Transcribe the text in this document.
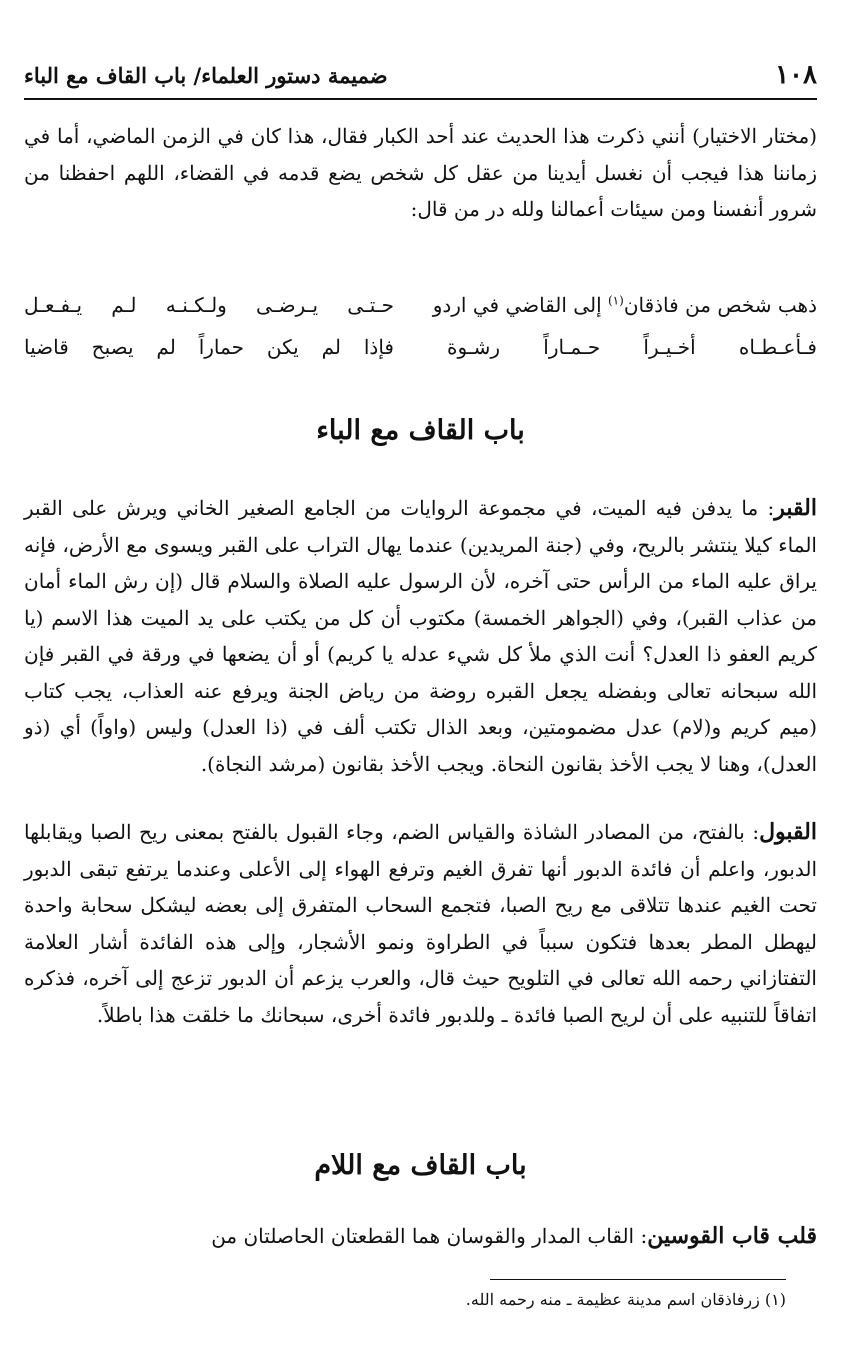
١٠٨
ضميمة دستور العلماء/ باب القاف مع الباء

(مختار الاختيار) أنني ذكرت هذا الحديث عند أحد الكبار فقال، هذا كان في الزمن الماضي، أما في زماننا هذا فيجب أن نغسل أيدينا من عقل كل شخص يضع قدمه في القضاء، اللهم احفظنا من شرور أنفسنا ومن سيئات أعمالنا ولله در من قال:

ذهب شخص من فاذقان$^{(١)}$ إلى القاضي في اردو
حـتـى يـرضـى ولـكـنـه لـم يـفـعـل
فـأعـطـاه أخـيـراً حـمـاراً رشـوة
فإذا لم يكن حماراً لم يصبح قاضيا
باب القاف مع الباء

القبر: ما يدفن فيه الميت، في مجموعة الروايات من الجامع الصغير الخاني ويرش على القبر الماء كيلا ينتشر بالريح، وفي (جنة المريدين) عندما يهال التراب على القبر ويسوى مع الأرض، فإنه يراق عليه الماء من الرأس حتى آخره، لأن الرسول عليه الصلاة والسلام قال (إن رش الماء أمان من عذاب القبر)، وفي (الجواهر الخمسة) مكتوب أن كل من يكتب على يد الميت هذا الاسم (يا كريم العفو ذا العدل؟ أنت الذي ملأ كل شيء عدله يا كريم) أو أن يضعها في ورقة في القبر فإن الله سبحانه تعالى وبفضله يجعل القبره روضة من رياض الجنة ويرفع عنه العذاب، يجب كتاب (ميم كريم و(لام) عدل مضمومتين، وبعد الذال تكتب ألف في (ذا العدل) وليس (واواً) أي (ذو العدل)، وهنا لا يجب الأخذ بقانون النحاة. ويجب الأخذ بقانون (مرشد النجاة).

القبول: بالفتح، من المصادر الشاذة والقياس الضم، وجاء القبول بالفتح بمعنى ريح الصبا ويقابلها الدبور، واعلم أن فائدة الدبور أنها تفرق الغيم وترفع الهواء إلى الأعلى وعندما يرتفع تبقى الدبور تحت الغيم عندها تتلاقى مع ريح الصبا، فتجمع السحاب المتفرق إلى بعضه ليشكل سحابة واحدة ليهطل المطر بعدها فتكون سبباً في الطراوة ونمو الأشجار، وإلى هذه الفائدة أشار العلامة التفتازاني رحمه الله تعالى في التلويح حيث قال، والعرب يزعم أن الدبور تزعج إلى آخره، فذكره اتفاقاً للتنبيه على أن لريح الصبا فائدة ـ وللدبور فائدة أخرى، سبحانك ما خلقت هذا باطلاً.

باب القاف مع اللام

قلب قاب القوسين: القاب المدار والقوسان هما القطعتان الحاصلتان من

(١) زرفاذقان اسم مدينة عظيمة ـ منه رحمه الله.
